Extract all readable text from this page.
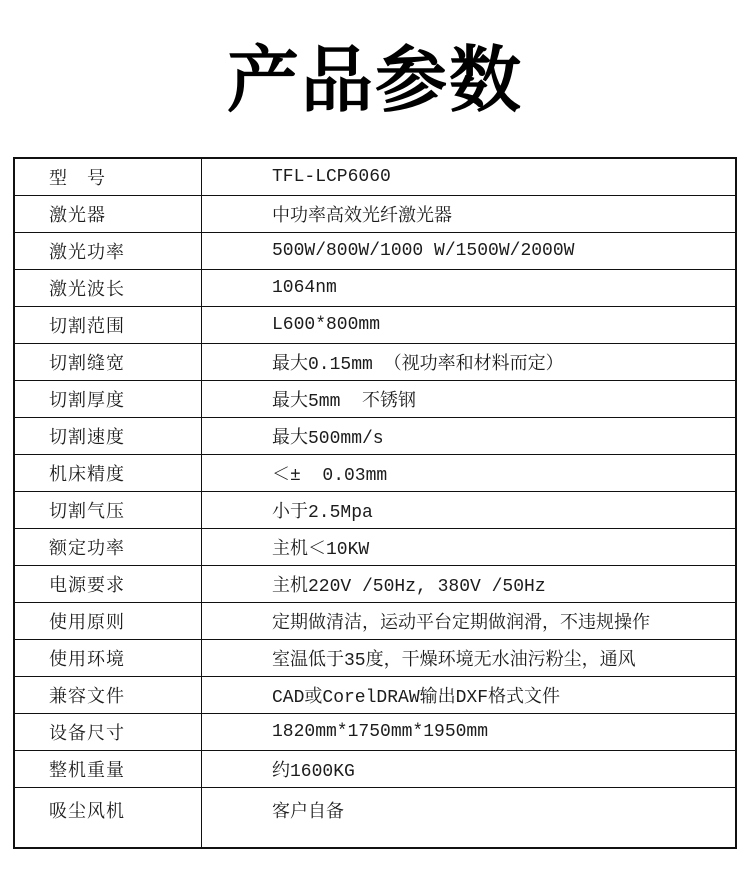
产品参数
型　号	TFL-LCP6060
激光器	中功率高效光纤激光器
激光功率	500W/800W/1000 W/1500W/2000W
激光波长	1064nm
切割范围	L600*800mm
切割缝宽	最大0.15mm （视功率和材料而定）
切割厚度	最大5mm  不锈钢
切割速度	最大500mm/s
机床精度	＜±  0.03mm
切割气压	小于2.5Mpa
额定功率	主机＜10KW
电源要求	主机220V /50Hz, 380V /50Hz
使用原则	定期做清洁，运动平台定期做润滑，不违规操作
使用环境	室温低于35度，干燥环境无水油污粉尘，通风
兼容文件	CAD或CorelDRAW输出DXF格式文件
设备尺寸	1820mm*1750mm*1950mm
整机重量	约1600KG
吸尘风机	客户自备
